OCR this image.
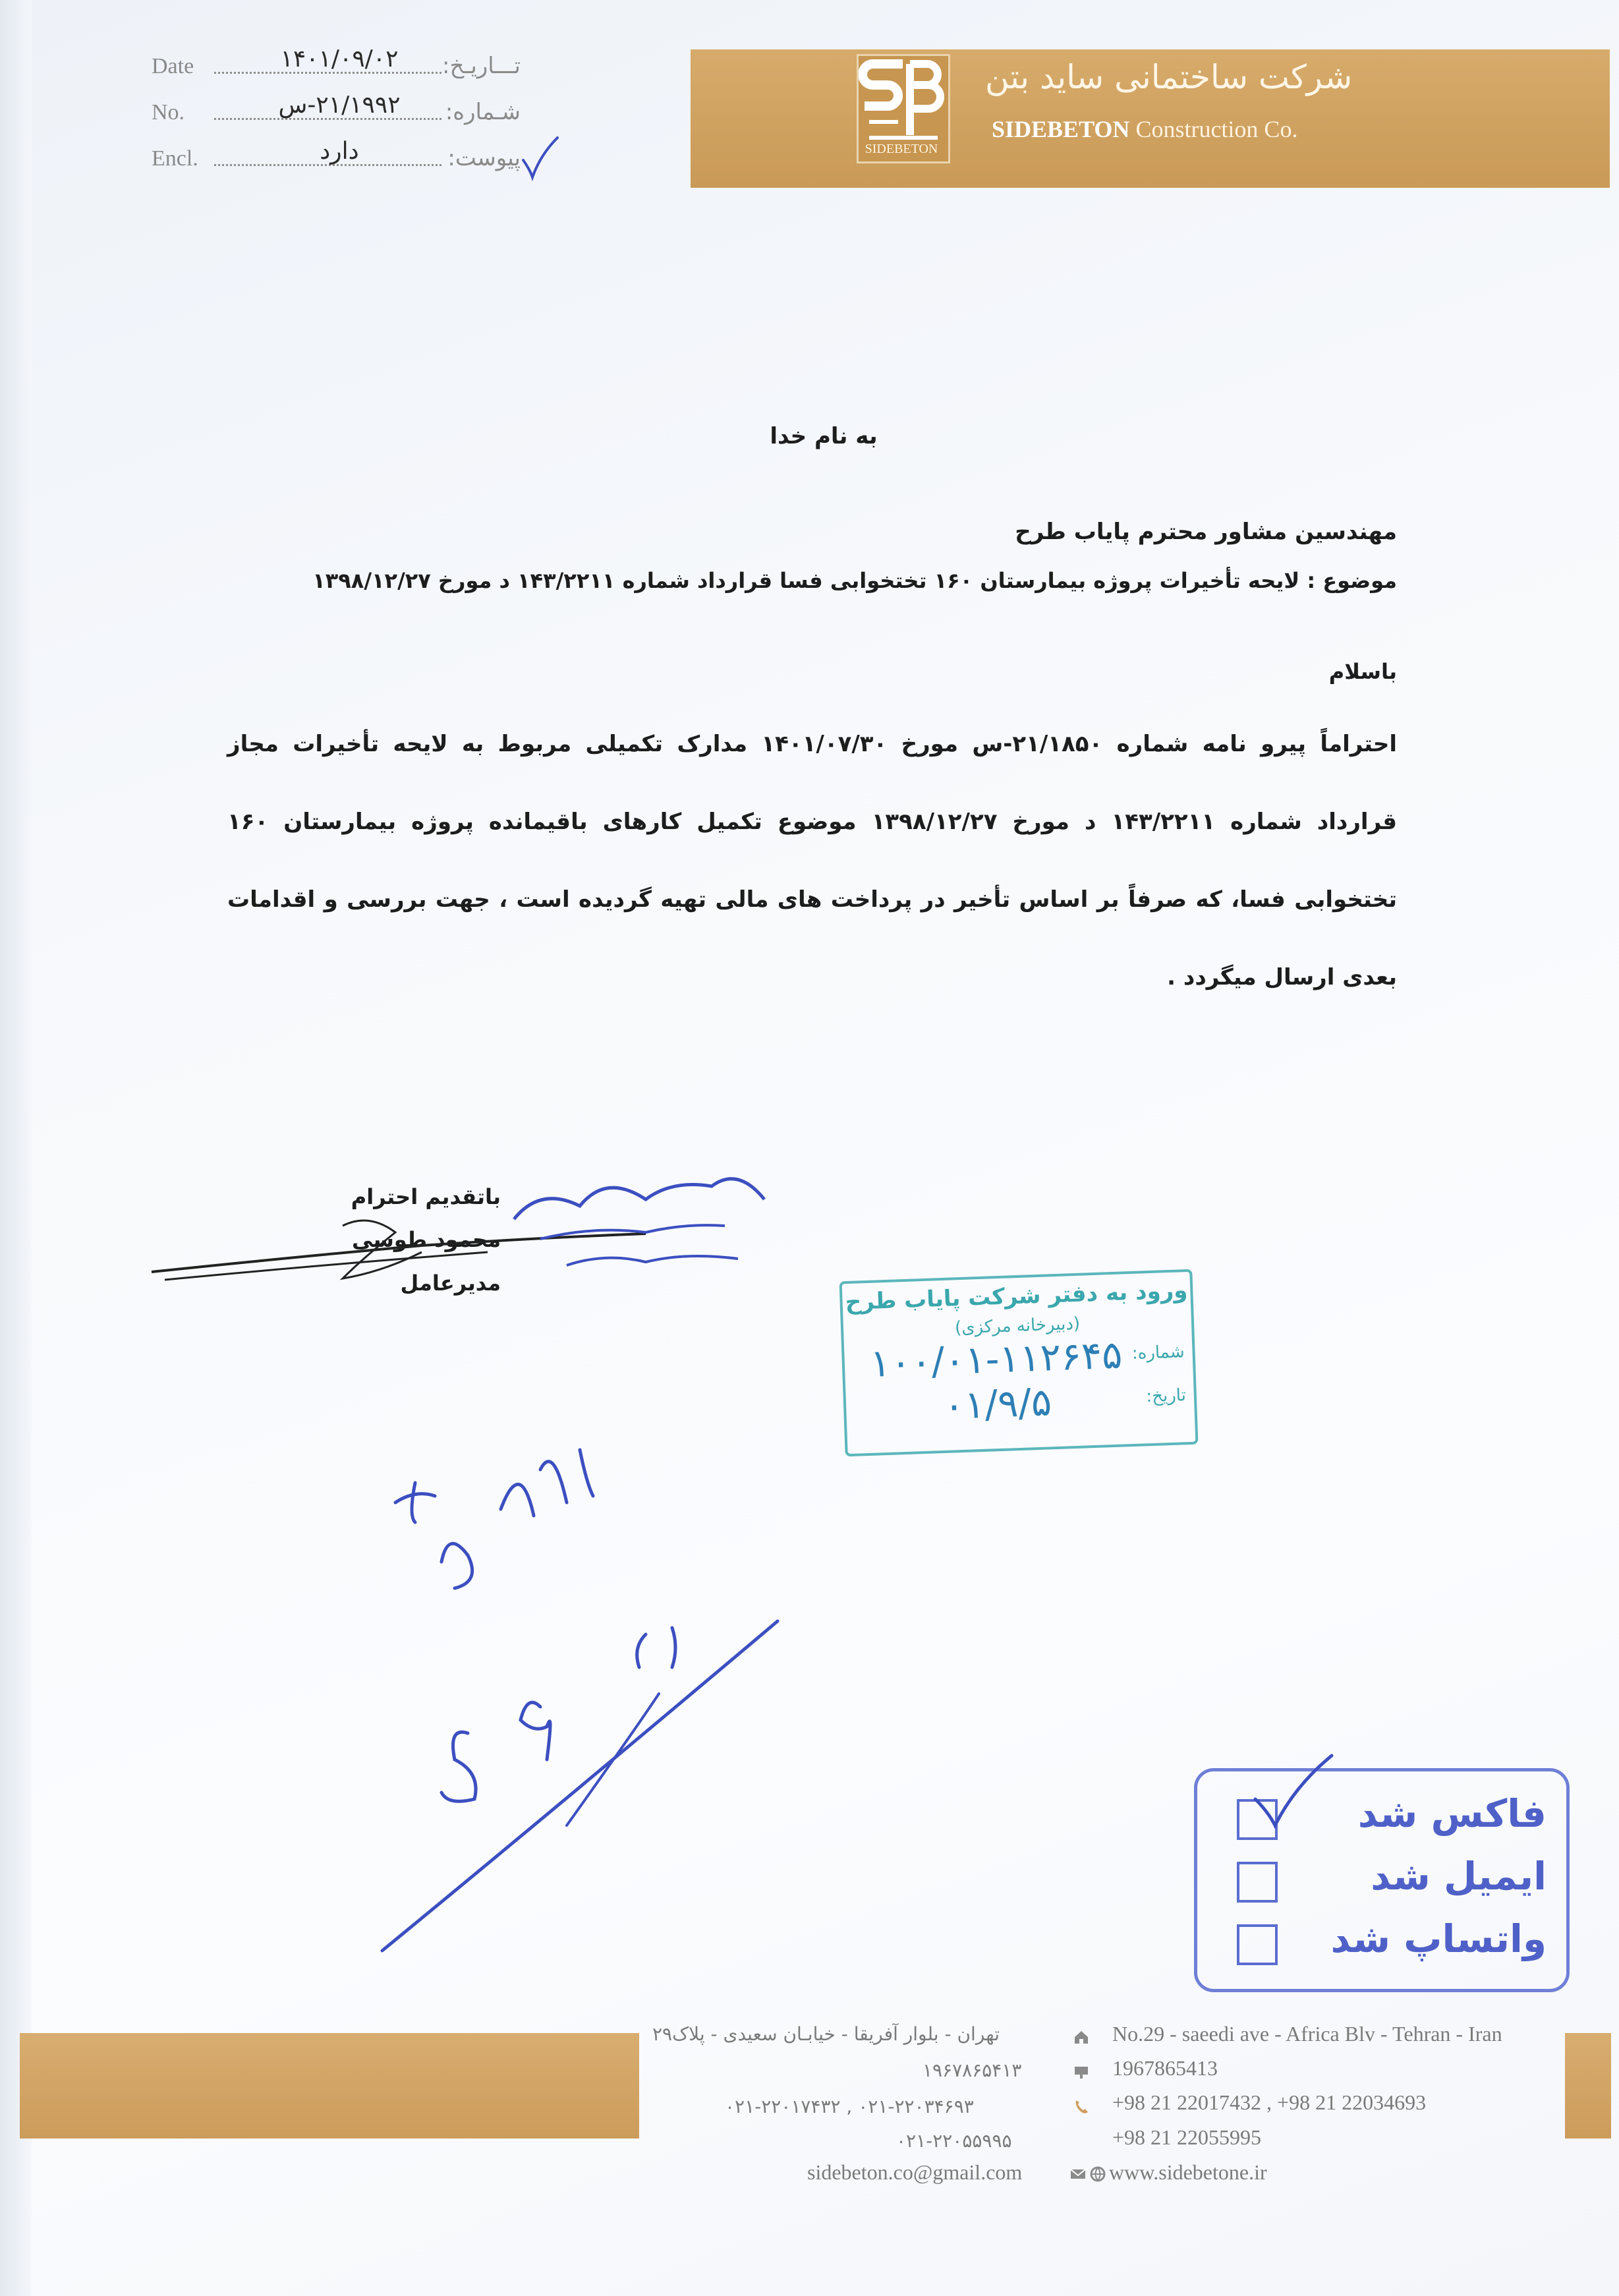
SIDEBETON
شرکت ساختمانی ساید بتن
SIDEBETON Construction Co.
Date	۱۴۰۱/۰۹/۰۲	تـــاریـخ:
No.	۲۱/۱۹۹۲-س	شـماره:
Encl.	دارد	پیوست:
به نام خدا
مهندسین مشاور محترم پایاب طرح
موضوع : لایحه تأخیرات پروژه بیمارستان ۱۶۰ تختخوابی فسا قرارداد شماره ۱۴۳/۲۲۱۱ د مورخ ۱۳۹۸/۱۲/۲۷
باسلام
احتراماً پیرو نامه شماره ۲۱/۱۸۵۰-س مورخ ۱۴۰۱/۰۷/۳۰ مدارک تکمیلی مربوط به لایحه تأخیرات مجاز قرارداد شماره ۱۴۳/۲۲۱۱ د مورخ ۱۳۹۸/۱۲/۲۷ موضوع تکمیل کارهای باقیمانده پروژه بیمارستان ۱۶۰ تختخوابی فسا، که صرفاً بر اساس تأخیر در پرداخت های مالی تهیه گردیده است ، جهت بررسی و اقدامات بعدی ارسال میگردد .
باتقدیم احترام
محمود طوسی
مدیرعامل	ورود به دفتر شرکت پایاب طرح
(دبیرخانه مرکزی)
شماره:
۱۰۰/۰۱-۱۱۲۶۴۵
تاریخ:
۰۱/۹/۵
فاکس شد
ایمیل شد
واتساپ شد
تهران - بلوار آفریقا - خیابـان سعیدی - پلاک۲۹	No.29 - saeedi ave - Africa Blv - Tehran - Iran
۱۹۶۷۸۶۵۴۱۳	1967865413
۰۲۱-۲۲۰۱۷۴۳۲ , ۰۲۱-۲۲۰۳۴۶۹۳	+98 21 22017432 , +98 21 22034693
۰۲۱-۲۲۰۵۵۹۹۵	+98 21 22055995
sidebeton.co@gmail.com	www.sidebetone.ir
